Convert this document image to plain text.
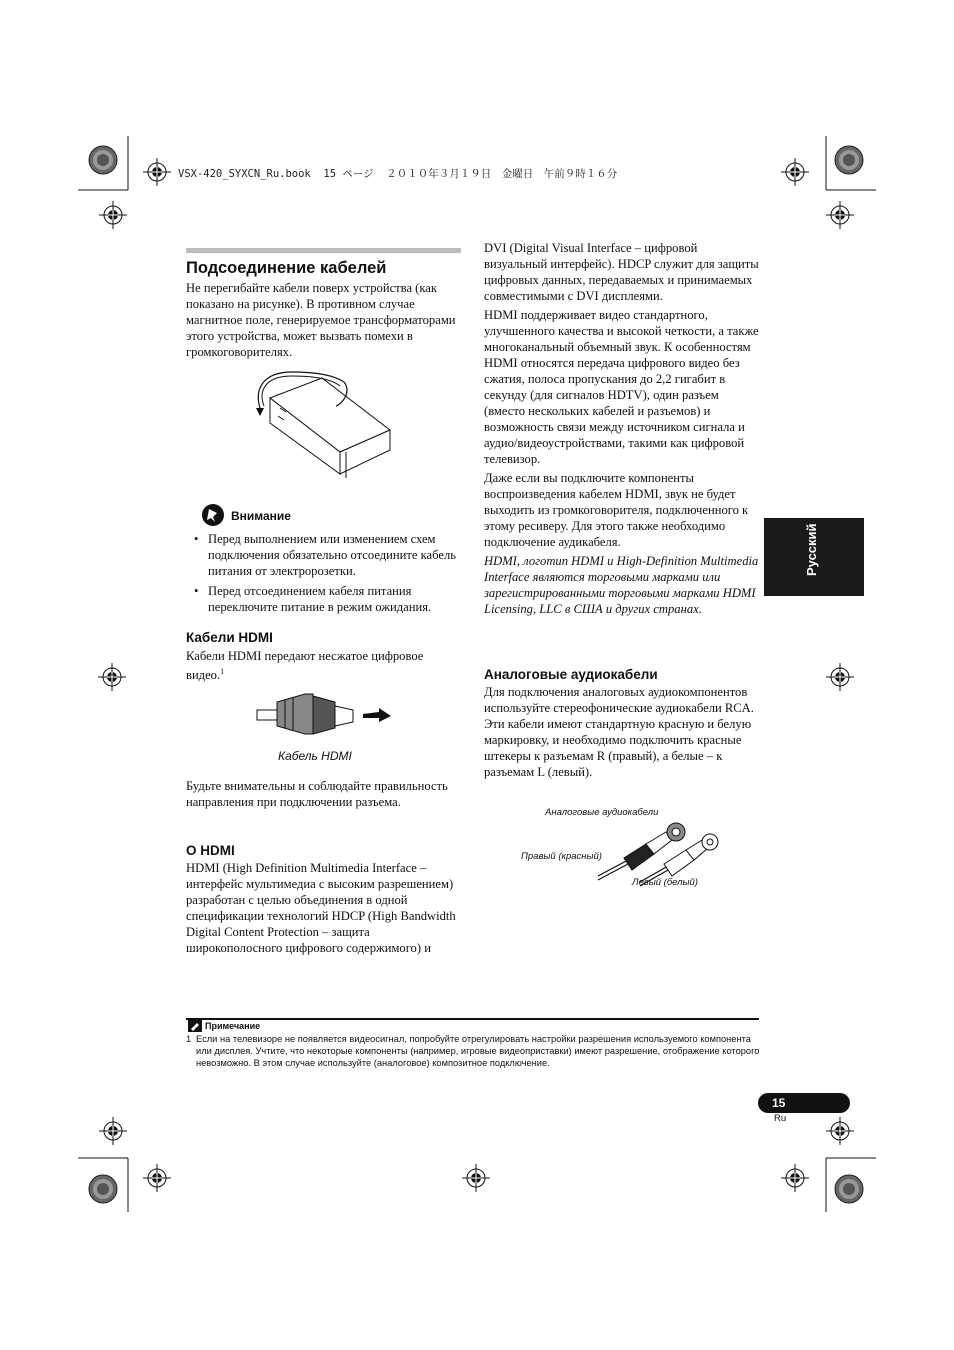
VSX-420_SYXCN_Ru.book  15 ページ  ２０１０年３月１９日　金曜日　午前９時１６分
Подсоединение кабелей

Не перегибайте кабели поверх устройства (как показано на рисунке). В противном случае магнитное поле, генерируемое трансформаторами этого устройства, может вызвать помехи в громкоговорителях.

Внимание
• Перед выполнением или изменением схем подключения обязательно отсоедините кабель питания от электророзетки.
• Перед отсоединением кабеля питания переключите питание в режим ожидания.
Кабели HDMI

Кабели HDMI передают несжатое цифровое видео.$^1$

Кабель HDMI

Будьте внимательны и соблюдайте правильность направления при подключении разъема.

О HDMI

HDMI (High Definition Multimedia Interface – интерфейс мультимедиа с высоким разрешением) разработан с целью объединения в одной спецификации технологий HDCP (High Bandwidth Digital Content Protection – защита широкополосного цифрового содержимого) и

DVI (Digital Visual Interface – цифровой визуальный интерфейс). HDCP служит для защиты цифровых данных, передаваемых и принимаемых совместимыми с DVI дисплеями.

HDMI поддерживает видео стандартного, улучшенного качества и высокой четкости, а также многоканальный объемный звук. К особенностям HDMI относятся передача цифрового видео без сжатия, полоса пропускания до 2,2 гигабит в секунду (для сигналов HDTV), один разъем (вместо нескольких кабелей и разъемов) и возможность связи между источником сигнала и аудио/видеоустройствами, такими как цифровой телевизор.

Даже если вы подключите компоненты воспроизведения кабелем HDMI, звук не будет выходить из громкоговорителя, подключенного к этому ресиверу. Для этого также необходимо подключение аудикабеля.

HDMI, логотип HDMI и High-Definition Multimedia Interface являются торговыми марками или зарегистрированными торговыми марками HDMI Licensing, LLC в США и других странах.

Аналоговые аудиокабели

Для подключения аналоговых аудиокомпонентов используйте стереофонические аудиокабели RCA. Эти кабели имеют стандартную красную и белую маркировку, и необходимо подключить красные штекеры к разъемам R (правый), а белые – к разъемам L (левый).

Аналоговые аудиокабели
Правый (красный)
Левый (белый)
Русский
Примечание
1 Если на телевизоре не появляется видеосигнал, попробуйте отрегулировать настройки разрешения используемого компонента или дисплея. Учтите, что некоторые компоненты (например, игровые видеоприставки) имеют разрешение, отображение которого невозможно. В этом случае используйте (аналоговое) композитное подключение.
15
Ru
